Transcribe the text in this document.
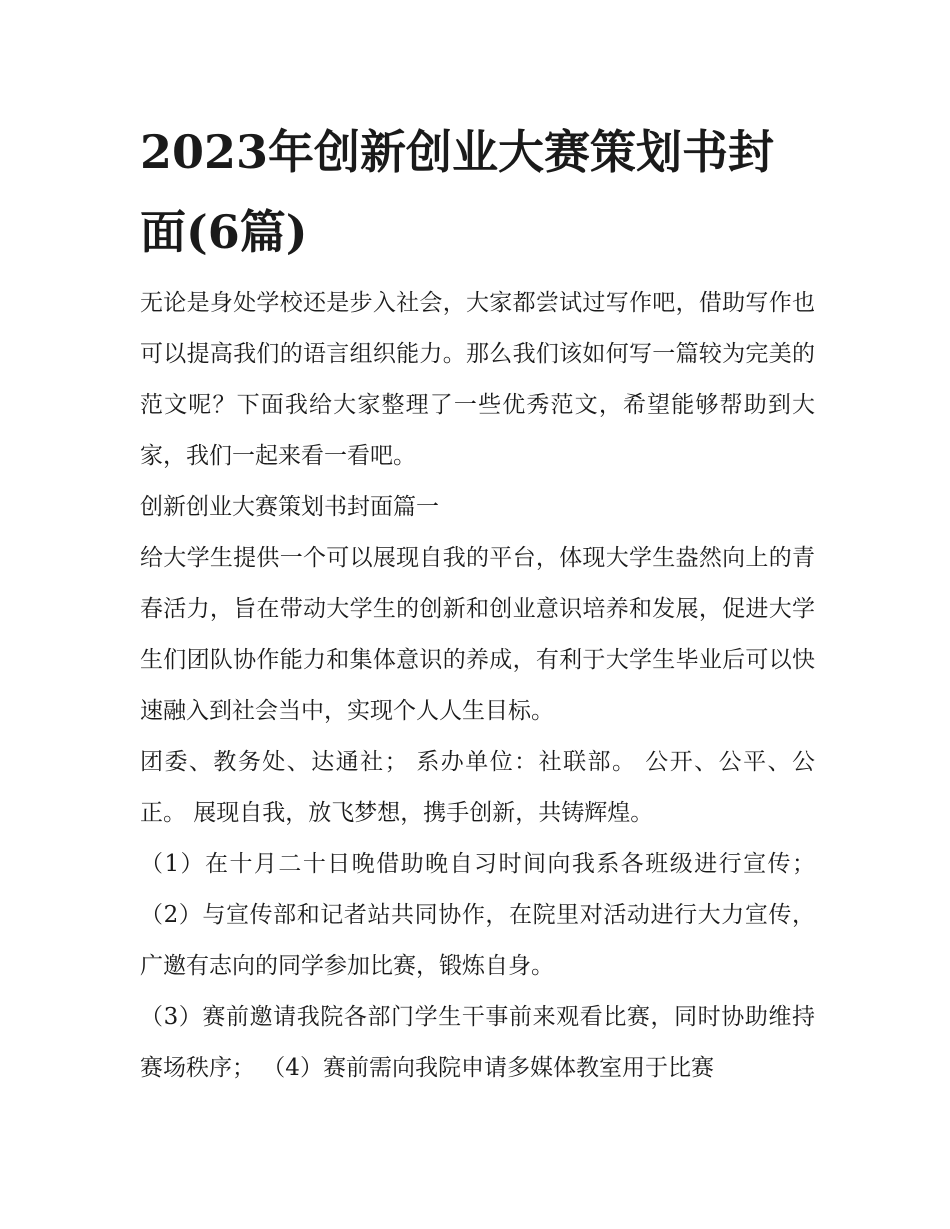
2023年创新创业大赛策划书封面(6篇)

无论是身处学校还是步入社会，大家都尝试过写作吧，借助写作也可以提高我们的语言组织能力。那么我们该如何写一篇较为完美的范文呢？下面我给大家整理了一些优秀范文，希望能够帮助到大家，我们一起来看一看吧。

创新创业大赛策划书封面篇一

给大学生提供一个可以展现自我的平台，体现大学生盎然向上的青春活力，旨在带动大学生的创新和创业意识培养和发展，促进大学生们团队协作能力和集体意识的养成，有利于大学生毕业后可以快速融入到社会当中，实现个人人生目标。

团委、教务处、达通社； 系办单位：社联部。 公开、公平、公正。 展现自我，放飞梦想，携手创新，共铸辉煌。

（1）在十月二十日晚借助晚自习时间向我系各班级进行宣传； （2）与宣传部和记者站共同协作，在院里对活动进行大力宣传，广邀有志向的同学参加比赛，锻炼自身。

（3）赛前邀请我院各部门学生干事前来观看比赛，同时协助维持赛场秩序； （4）赛前需向我院申请多媒体教室用于比赛
